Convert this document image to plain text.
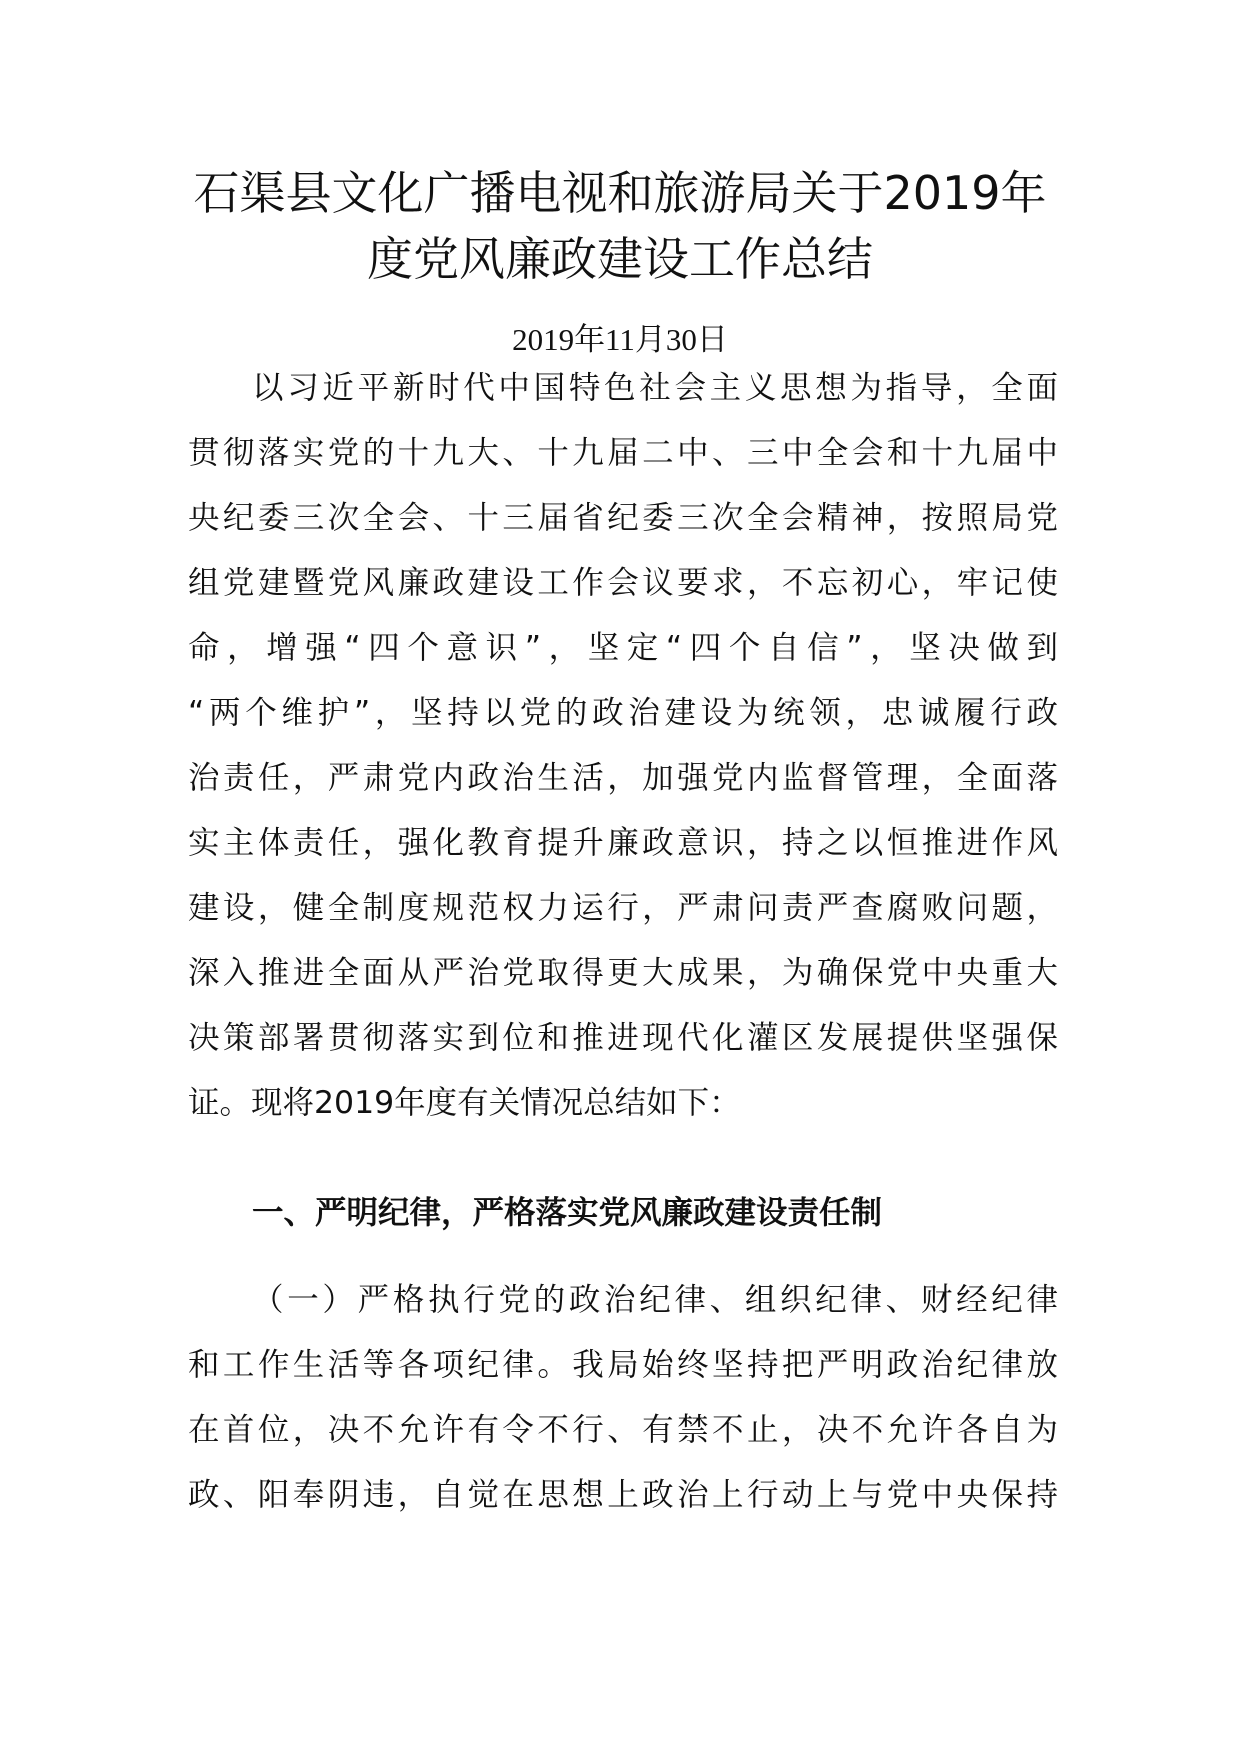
石渠县文化广播电视和旅游局关于2019年
度党风廉政建设工作总结
2019年11月30日
以习近平新时代中国特色社会主义思想为指导，全面
贯彻落实党的十九大、十九届二中、三中全会和十九届中
央纪委三次全会、十三届省纪委三次全会精神，按照局党
组党建暨党风廉政建设工作会议要求，不忘初心，牢记使
命，增强“四个意识”，坚定“四个自信”，坚决做到
“两个维护”，坚持以党的政治建设为统领，忠诚履行政
治责任，严肃党内政治生活，加强党内监督管理，全面落
实主体责任，强化教育提升廉政意识，持之以恒推进作风
建设，健全制度规范权力运行，严肃问责严查腐败问题，
深入推进全面从严治党取得更大成果，为确保党中央重大
决策部署贯彻落实到位和推进现代化灌区发展提供坚强保
证。现将2019年度有关情况总结如下：
一、严明纪律，严格落实党风廉政建设责任制
（一）严格执行党的政治纪律、组织纪律、财经纪律
和工作生活等各项纪律。我局始终坚持把严明政治纪律放
在首位，决不允许有令不行、有禁不止，决不允许各自为
政、阳奉阴违，自觉在思想上政治上行动上与党中央保持
